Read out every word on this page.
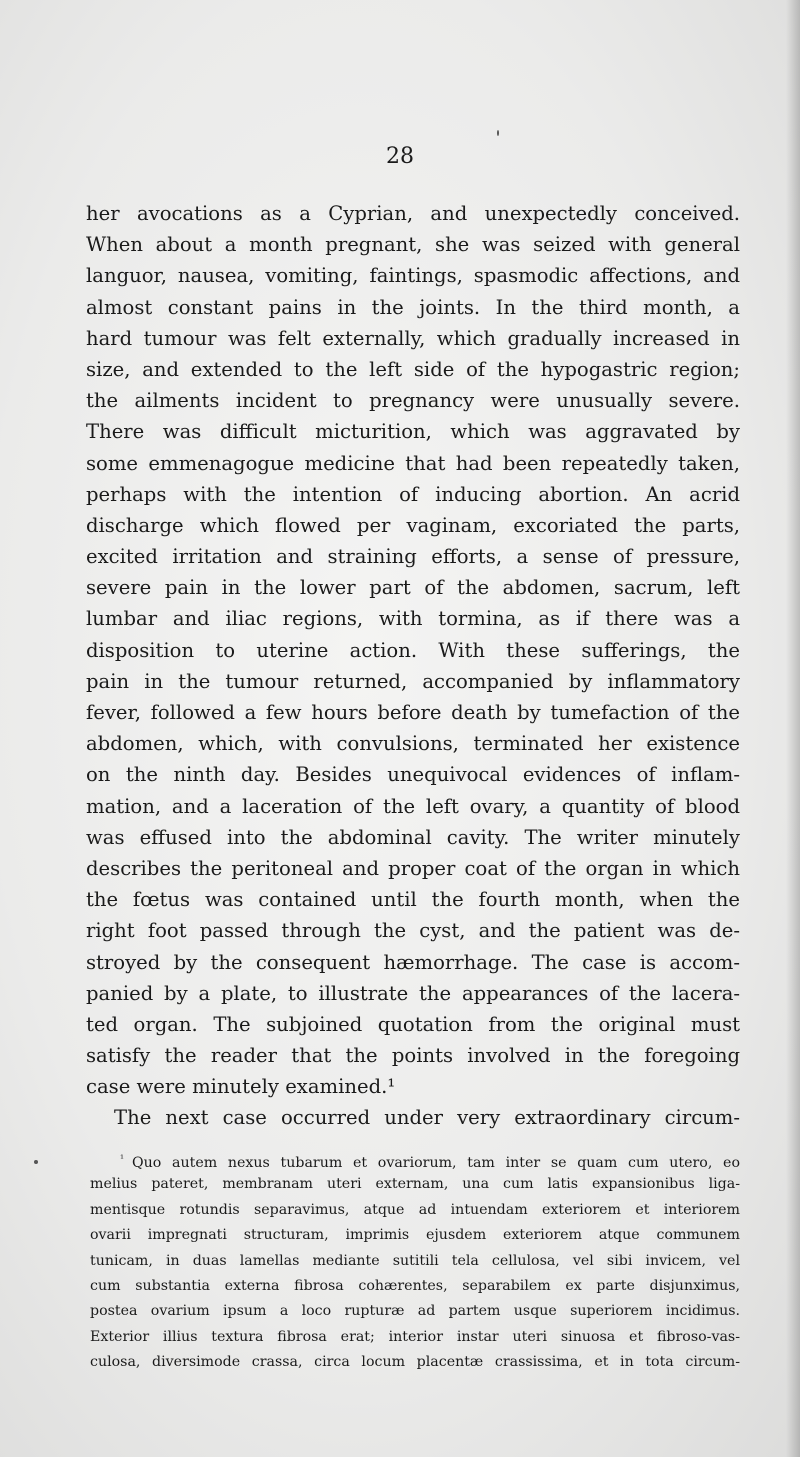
28
her avocations as a Cyprian, and unexpectedly conceived.
When about a month pregnant, she was seized with general
languor, nausea, vomiting, faintings, spasmodic affections, and
almost constant pains in the joints. In the third month, a
hard tumour was felt externally, which gradually increased in
size, and extended to the left side of the hypogastric region;
the ailments incident to pregnancy were unusually severe.
There was difficult micturition, which was aggravated by
some emmenagogue medicine that had been repeatedly taken,
perhaps with the intention of inducing abortion. An acrid
discharge which flowed per vaginam, excoriated the parts,
excited irritation and straining efforts, a sense of pressure,
severe pain in the lower part of the abdomen, sacrum, left
lumbar and iliac regions, with tormina, as if there was a
disposition to uterine action. With these sufferings, the
pain in the tumour returned, accompanied by inflammatory
fever, followed a few hours before death by tumefaction of the
abdomen, which, with convulsions, terminated her existence
on the ninth day. Besides unequivocal evidences of inflam-
mation, and a laceration of the left ovary, a quantity of blood
was effused into the abdominal cavity. The writer minutely
describes the peritoneal and proper coat of the organ in which
the fœtus was contained until the fourth month, when the
right foot passed through the cyst, and the patient was de-
stroyed by the consequent hæmorrhage. The case is accom-
panied by a plate, to illustrate the appearances of the lacera-
ted organ. The subjoined quotation from the original must
satisfy the reader that the points involved in the foregoing
case were minutely examined.¹
The next case occurred under very extraordinary circum-
$^{^1}$ Quo autem nexus tubarum et ovariorum, tam inter se quam cum utero, eo
melius pateret, membranam uteri externam, una cum latis expansionibus liga-
mentisque rotundis separavimus, atque ad intuendam exteriorem et interiorem
ovarii impregnati structuram, imprimis ejusdem exteriorem atque communem
tunicam, in duas lamellas mediante sutitili tela cellulosa, vel sibi invicem, vel
cum substantia externa fibrosa cohærentes, separabilem ex parte disjunximus,
postea ovarium ipsum a loco rupturæ ad partem usque superiorem incidimus.
Exterior illius textura fibrosa erat; interior instar uteri sinuosa et fibroso-vas-
culosa, diversimode crassa, circa locum placentæ crassissima, et in tota circum-
